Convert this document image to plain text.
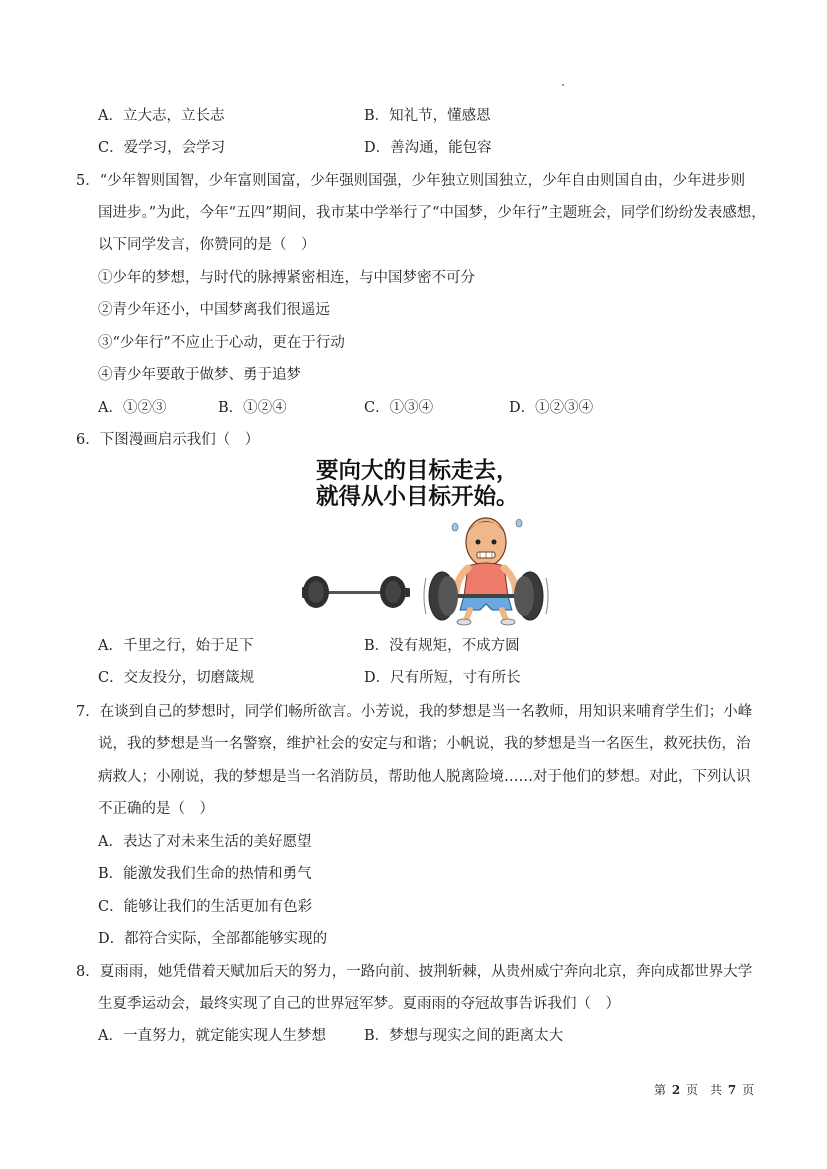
A．立大志，立长志	B．知礼节，懂感恩
C．爱学习，会学习	D．善沟通，能包容
5．“少年智则国智，少年富则国富，少年强则国强，少年独立则国独立，少年自由则国自由，少年进步则
国进步。”为此，今年“五四”期间，我市某中学举行了“中国梦，少年行”主题班会，同学们纷纷发表感想，
以下同学发言，你赞同的是（　）
①少年的梦想，与时代的脉搏紧密相连，与中国梦密不可分
②青少年还小，中国梦离我们很遥远
③“少年行”不应止于心动，更在于行动
④青少年要敢于做梦、勇于追梦
A．①②③	B．①②④	C．①③④	D．①②③④
6．下图漫画启示我们（　）
要向大的目标走去，
就得从小目标开始。
A．千里之行，始于足下	B．没有规矩，不成方圆
C．交友投分，切磨箴规	D．尺有所短，寸有所长
7．在谈到自己的梦想时，同学们畅所欲言。小芳说，我的梦想是当一名教师，用知识来哺育学生们；小峰
说，我的梦想是当一名警察，维护社会的安定与和谐；小帆说，我的梦想是当一名医生，救死扶伤，治
病救人；小刚说，我的梦想是当一名消防员，帮助他人脱离险境……对于他们的梦想。对此，下列认识
不正确的是（　）
A．表达了对未来生活的美好愿望
B．能激发我们生命的热情和勇气
C．能够让我们的生活更加有色彩
D．都符合实际，全部都能够实现的
8．夏雨雨，她凭借着天赋加后天的努力，一路向前、披荆斩棘，从贵州威宁奔向北京，奔向成都世界大学
生夏季运动会，最终实现了自己的世界冠军梦。夏雨雨的夺冠故事告诉我们（　）
A．一直努力，就定能实现人生梦想	B．梦想与现实之间的距离太大
第 2 页　共 7 页
